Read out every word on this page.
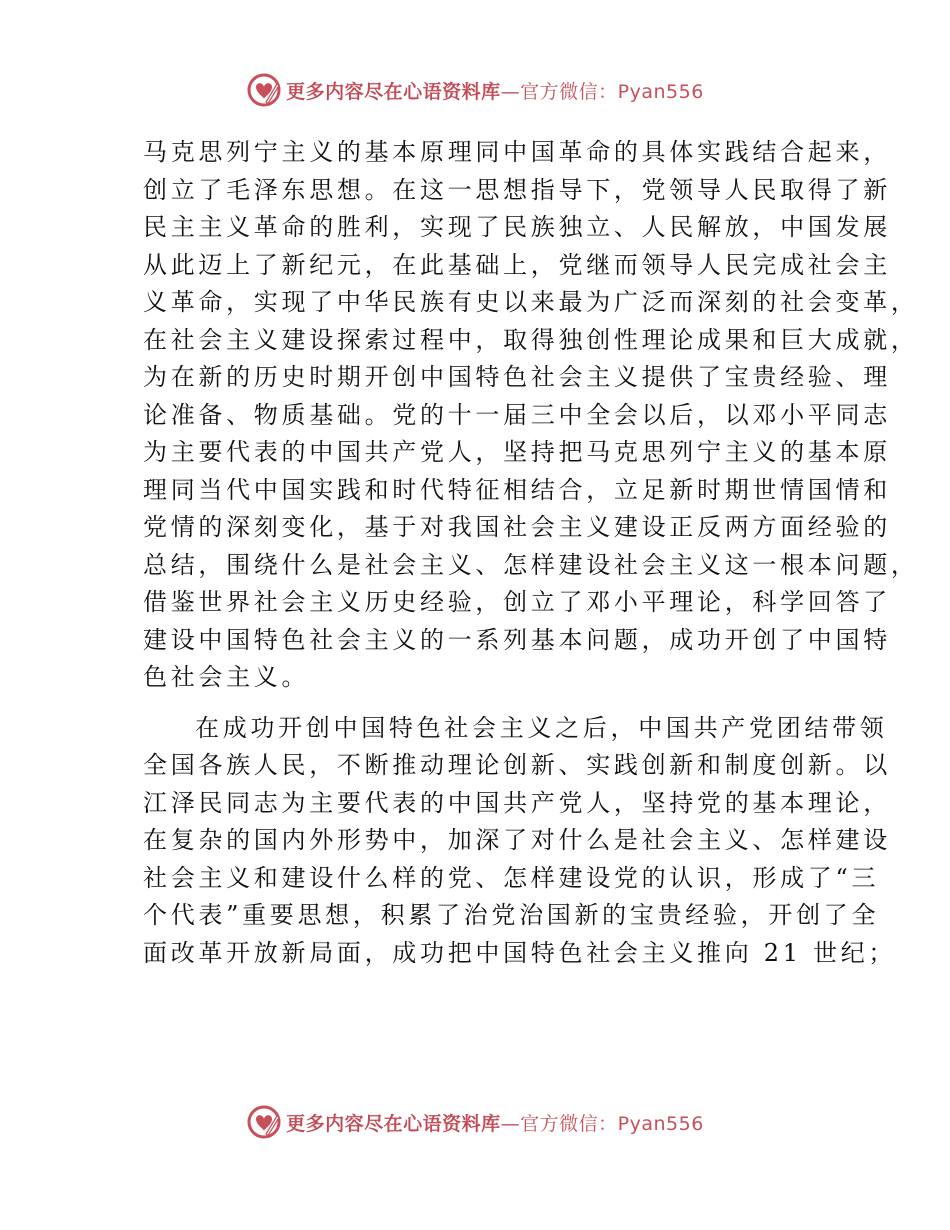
更多内容尽在心语资料库—官方微信：Pyan556

马克思列宁主义的基本原理同中国革命的具体实践结合起来，
创立了毛泽东思想。在这一思想指导下，党领导人民取得了新
民主主义革命的胜利，实现了民族独立、人民解放，中国发展
从此迈上了新纪元，在此基础上，党继而领导人民完成社会主
义革命，实现了中华民族有史以来最为广泛而深刻的社会变革，
在社会主义建设探索过程中，取得独创性理论成果和巨大成就，
为在新的历史时期开创中国特色社会主义提供了宝贵经验、理
论准备、物质基础。党的十一届三中全会以后，以邓小平同志
为主要代表的中国共产党人，坚持把马克思列宁主义的基本原
理同当代中国实践和时代特征相结合，立足新时期世情国情和
党情的深刻变化，基于对我国社会主义建设正反两方面经验的
总结，围绕什么是社会主义、怎样建设社会主义这一根本问题，
借鉴世界社会主义历史经验，创立了邓小平理论，科学回答了
建设中国特色社会主义的一系列基本问题，成功开创了中国特
色社会主义。

在成功开创中国特色社会主义之后，中国共产党团结带领
全国各族人民，不断推动理论创新、实践创新和制度创新。以
江泽民同志为主要代表的中国共产党人，坚持党的基本理论，
在复杂的国内外形势中，加深了对什么是社会主义、怎样建设
社会主义和建设什么样的党、怎样建设党的认识，形成了“三
个代表”重要思想，积累了治党治国新的宝贵经验，开创了全
面改革开放新局面，成功把中国特色社会主义推向 21 世纪；

更多内容尽在心语资料库—官方微信：Pyan556
